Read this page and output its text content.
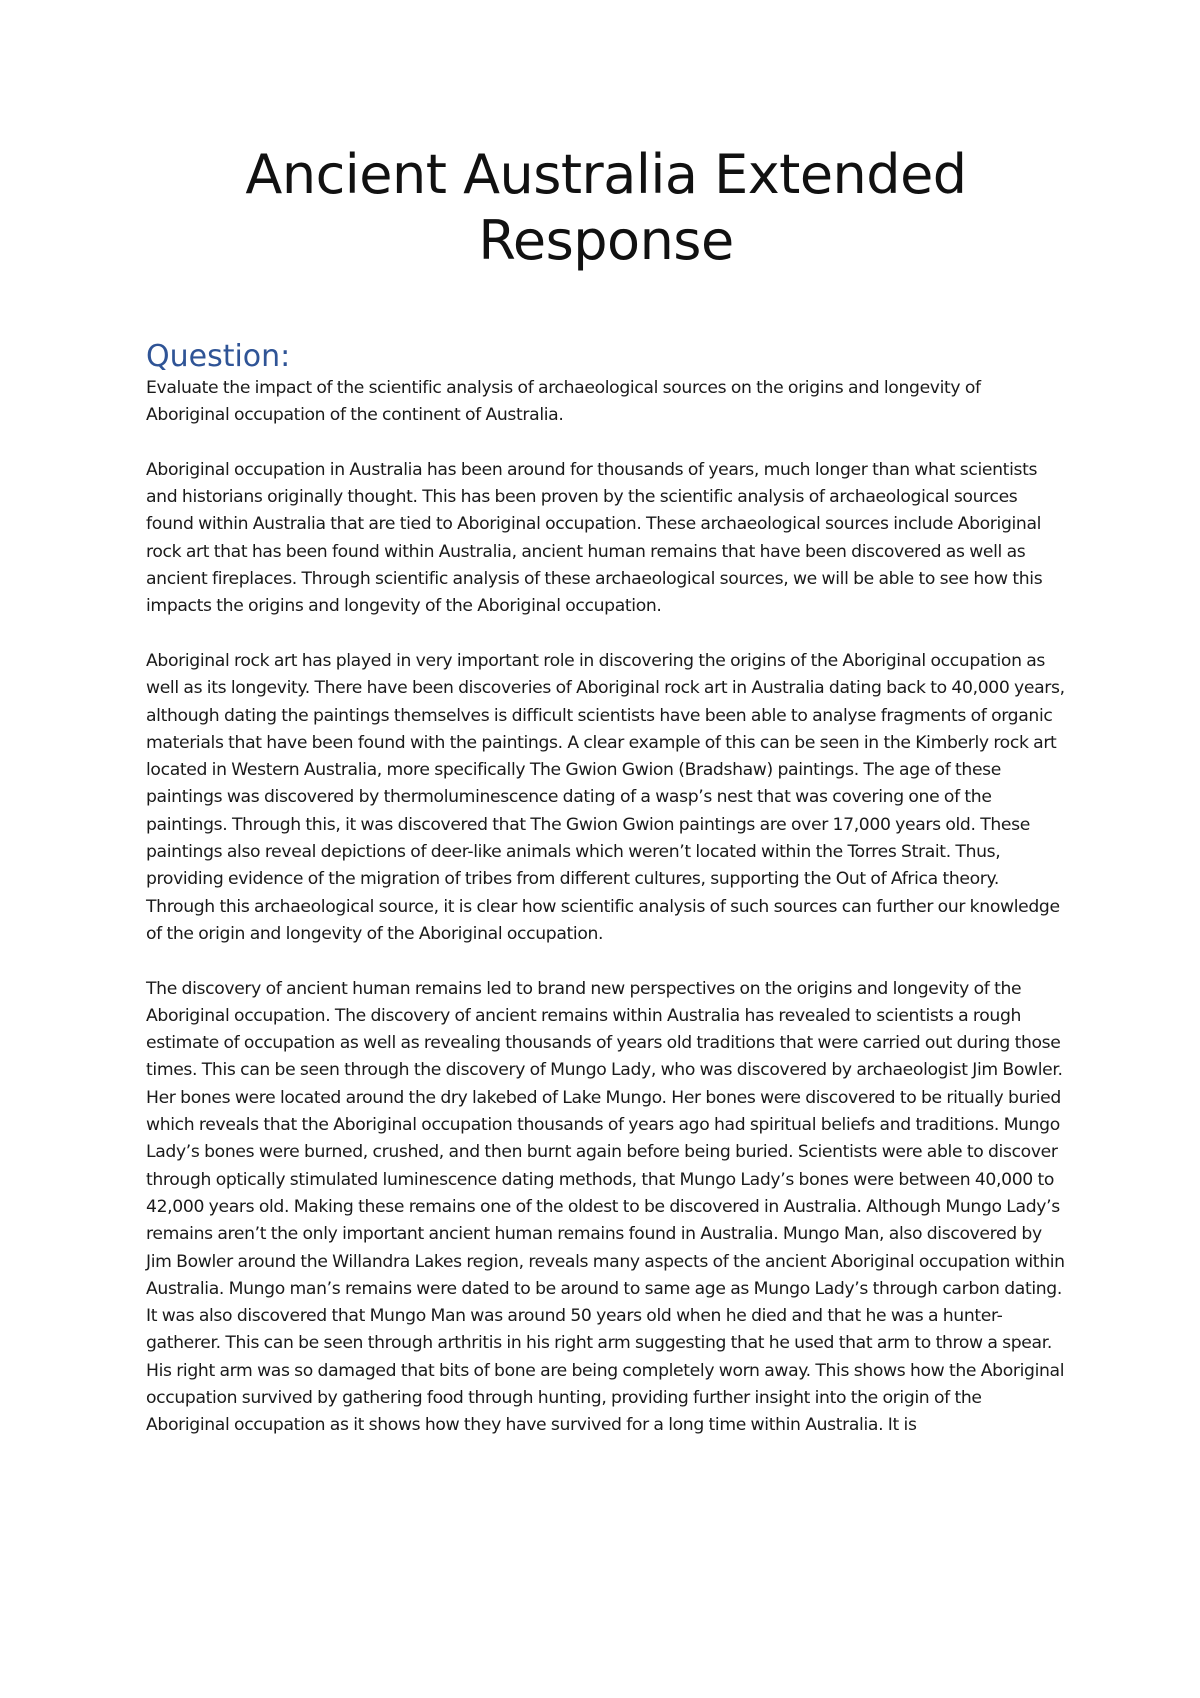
Ancient Australia Extended Response
Question:

Evaluate the impact of the scientific analysis of archaeological sources on the origins and longevity of Aboriginal occupation of the continent of Australia.

Aboriginal occupation in Australia has been around for thousands of years, much longer than what scientists and historians originally thought. This has been proven by the scientific analysis of archaeological sources found within Australia that are tied to Aboriginal occupation. These archaeological sources include Aboriginal rock art that has been found within Australia, ancient human remains that have been discovered as well as ancient fireplaces. Through scientific analysis of these archaeological sources, we will be able to see how this impacts the origins and longevity of the Aboriginal occupation.

Aboriginal rock art has played in very important role in discovering the origins of the Aboriginal occupation as well as its longevity. There have been discoveries of Aboriginal rock art in Australia dating back to 40,000 years, although dating the paintings themselves is difficult scientists have been able to analyse fragments of organic materials that have been found with the paintings. A clear example of this can be seen in the Kimberly rock art located in Western Australia, more specifically The Gwion Gwion (Bradshaw) paintings. The age of these paintings was discovered by thermoluminescence dating of a wasp’s nest that was covering one of the paintings. Through this, it was discovered that The Gwion Gwion paintings are over 17,000 years old. These paintings also reveal depictions of deer-like animals which weren’t located within the Torres Strait. Thus, providing evidence of the migration of tribes from different cultures, supporting the Out of Africa theory. Through this archaeological source, it is clear how scientific analysis of such sources can further our knowledge of the origin and longevity of the Aboriginal occupation.

The discovery of ancient human remains led to brand new perspectives on the origins and longevity of the Aboriginal occupation. The discovery of ancient remains within Australia has revealed to scientists a rough estimate of occupation as well as revealing thousands of years old traditions that were carried out during those times. This can be seen through the discovery of Mungo Lady, who was discovered by archaeologist Jim Bowler. Her bones were located around the dry lakebed of Lake Mungo. Her bones were discovered to be ritually buried which reveals that the Aboriginal occupation thousands of years ago had spiritual beliefs and traditions. Mungo Lady’s bones were burned, crushed, and then burnt again before being buried. Scientists were able to discover through optically stimulated luminescence dating methods, that Mungo Lady’s bones were between 40,000 to 42,000 years old. Making these remains one of the oldest to be discovered in Australia. Although Mungo Lady’s remains aren’t the only important ancient human remains found in Australia. Mungo Man, also discovered by Jim Bowler around the Willandra Lakes region, reveals many aspects of the ancient Aboriginal occupation within Australia. Mungo man’s remains were dated to be around to same age as Mungo Lady’s through carbon dating. It was also discovered that Mungo Man was around 50 years old when he died and that he was a hunter-gatherer. This can be seen through arthritis in his right arm suggesting that he used that arm to throw a spear. His right arm was so damaged that bits of bone are being completely worn away. This shows how the Aboriginal occupation survived by gathering food through hunting, providing further insight into the origin of the Aboriginal occupation as it shows how they have survived for a long time within Australia. It is
